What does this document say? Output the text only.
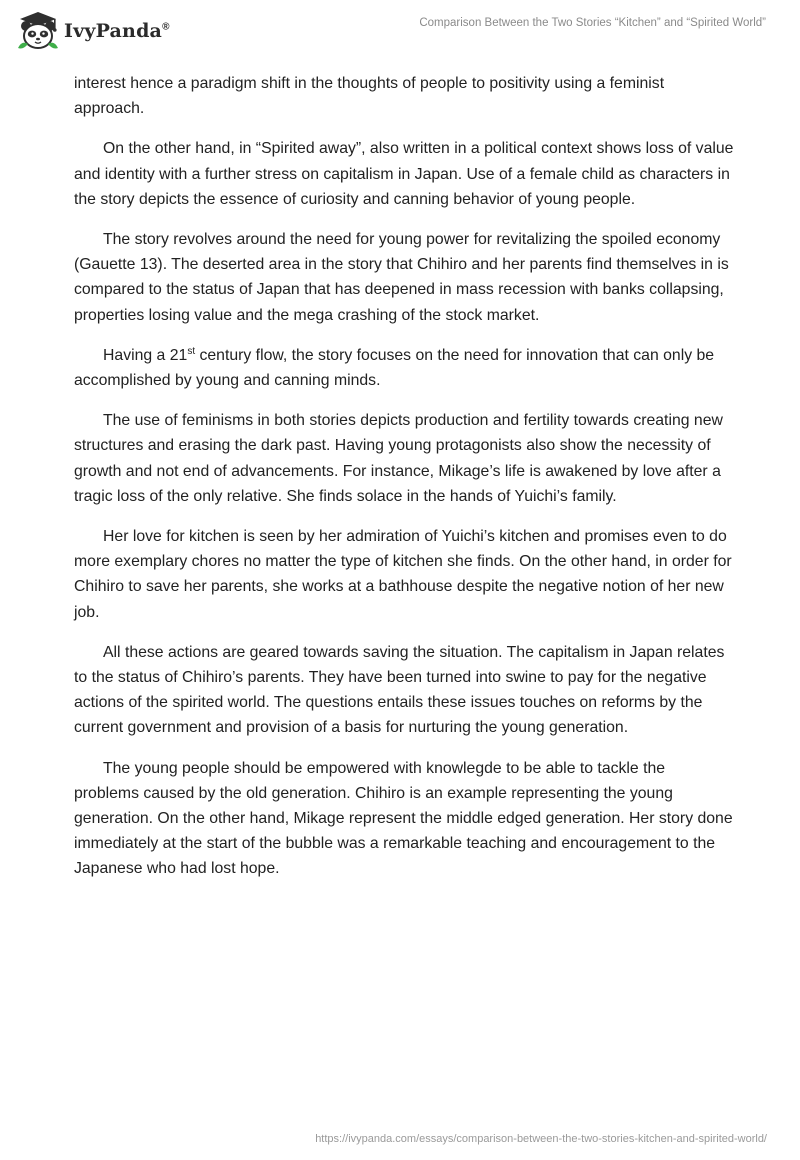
IvyPanda®	Comparison Between the Two Stories “Kitchen” and “Spirited World”

interest hence a paradigm shift in the thoughts of people to positivity using a feminist approach.

On the other hand, in “Spirited away”, also written in a political context shows loss of value and identity with a further stress on capitalism in Japan. Use of a female child as characters in the story depicts the essence of curiosity and canning behavior of young people.

The story revolves around the need for young power for revitalizing the spoiled economy (Gauette 13). The deserted area in the story that Chihiro and her parents find themselves in is compared to the status of Japan that has deepened in mass recession with banks collapsing, properties losing value and the mega crashing of the stock market.

Having a 21st century flow, the story focuses on the need for innovation that can only be accomplished by young and canning minds.

The use of feminisms in both stories depicts production and fertility towards creating new structures and erasing the dark past. Having young protagonists also show the necessity of growth and not end of advancements. For instance, Mikage’s life is awakened by love after a tragic loss of the only relative. She finds solace in the hands of Yuichi’s family.

Her love for kitchen is seen by her admiration of Yuichi’s kitchen and promises even to do more exemplary chores no matter the type of kitchen she finds. On the other hand, in order for Chihiro to save her parents, she works at a bathhouse despite the negative notion of her new job.

All these actions are geared towards saving the situation. The capitalism in Japan relates to the status of Chihiro’s parents. They have been turned into swine to pay for the negative actions of the spirited world. The questions entails these issues touches on reforms by the current government and provision of a basis for nurturing the young generation.

The young people should be empowered with knowlegde to be able to tackle the problems caused by the old generation. Chihiro is an example representing the young generation. On the other hand, Mikage represent the middle edged generation. Her story done immediately at the start of the bubble was a remarkable teaching and encouragement to the Japanese who had lost hope.

https://ivypanda.com/essays/comparison-between-the-two-stories-kitchen-and-spirited-world/
